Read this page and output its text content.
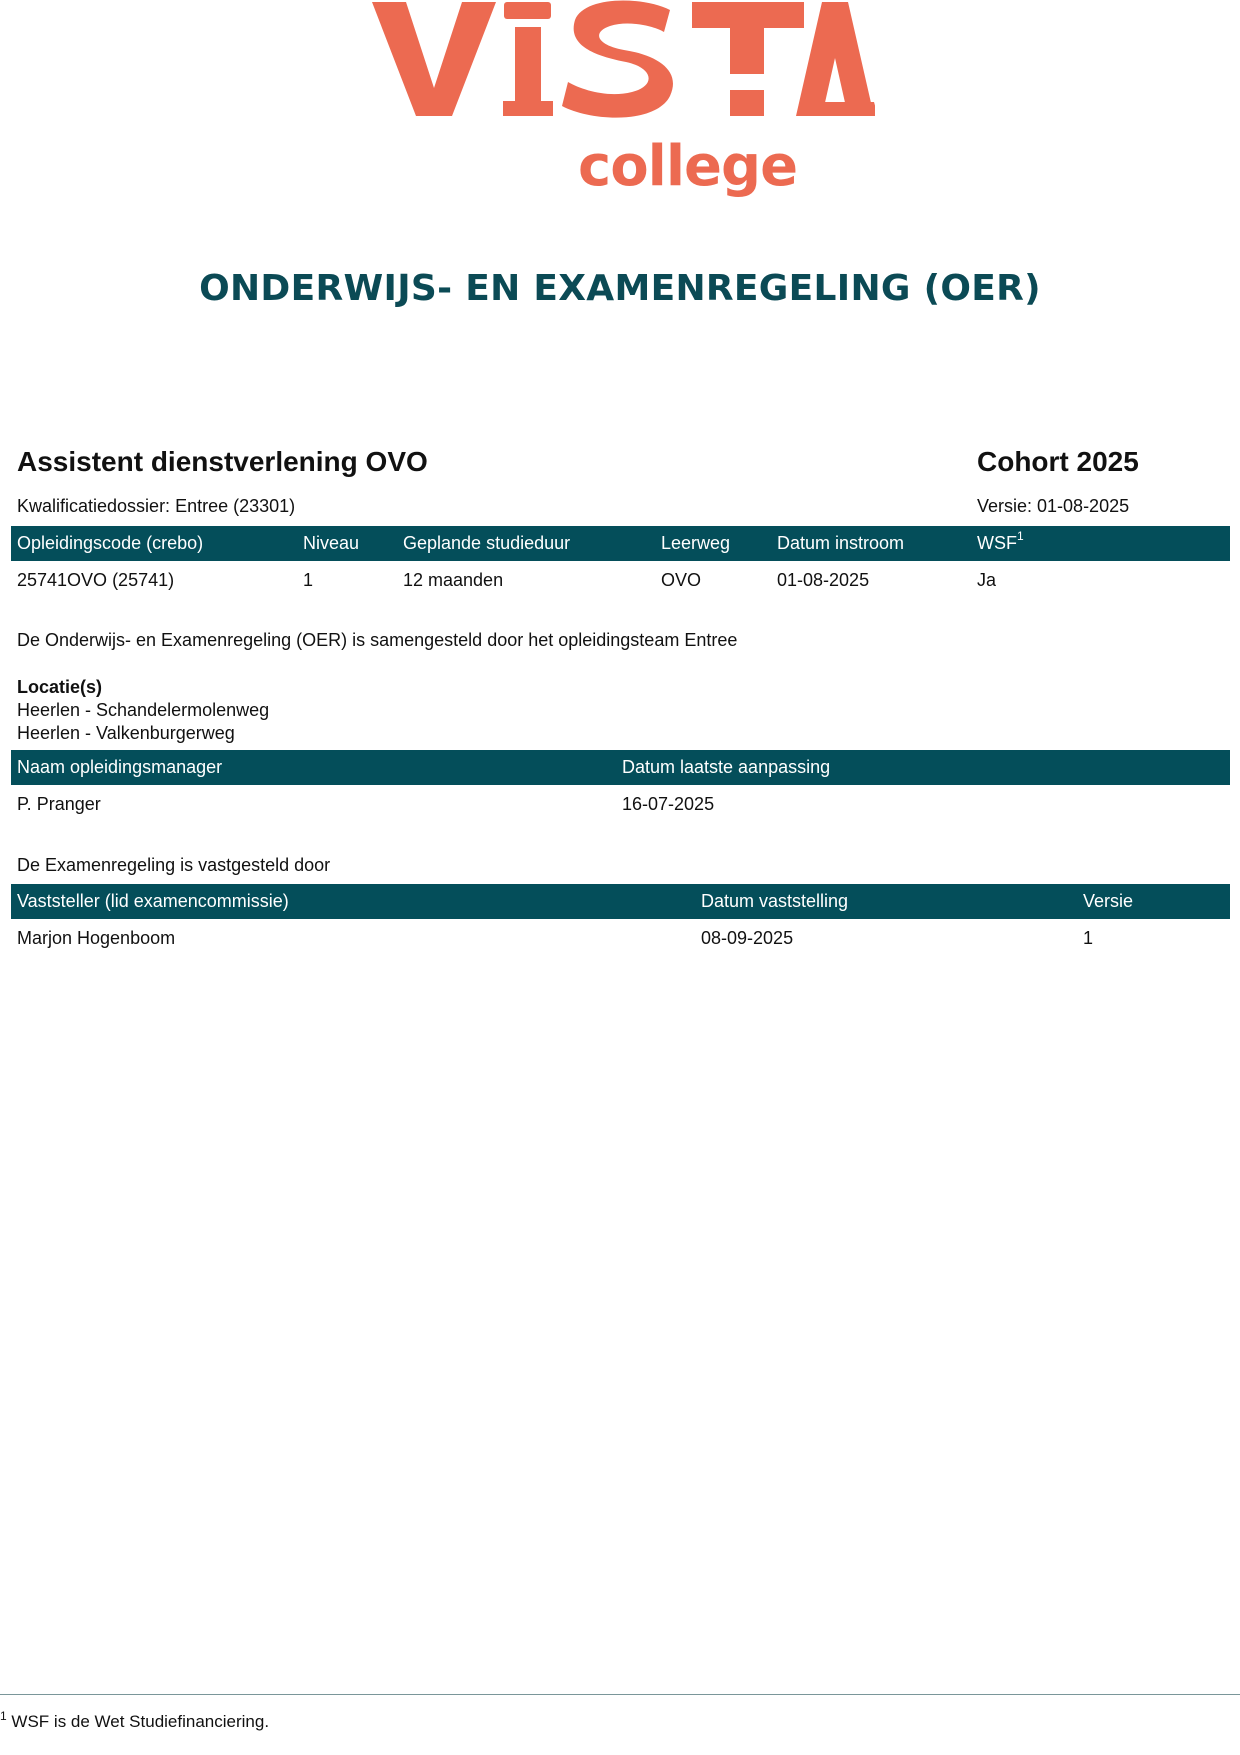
college
ONDERWIJS- EN EXAMENREGELING (OER)
Assistent dienstverlening OVO	Cohort 2025

Kwalificatiedossier: Entree (23301)	Versie: 01-08-2025

Opleidingscode (crebo)	Niveau	Geplande studieduur	Leerweg	Datum instroom	WSF$^1$
25741OVO (25741)	1	12 maanden	OVO	01-08-2025	Ja

De Onderwijs- en Examenregeling (OER) is samengesteld door het opleidingsteam Entree

Locatie(s)
Heerlen - Schandelermolenweg
Heerlen - Valkenburgerweg
Naam opleidingsmanager	Datum laatste aanpassing
P. Pranger	16-07-2025

De Examenregeling is vastgesteld door

Vaststeller (lid examencommissie)	Datum vaststelling	Versie
Marjon Hogenboom	08-09-2025	1

$^1$ WSF is de Wet Studiefinanciering.
